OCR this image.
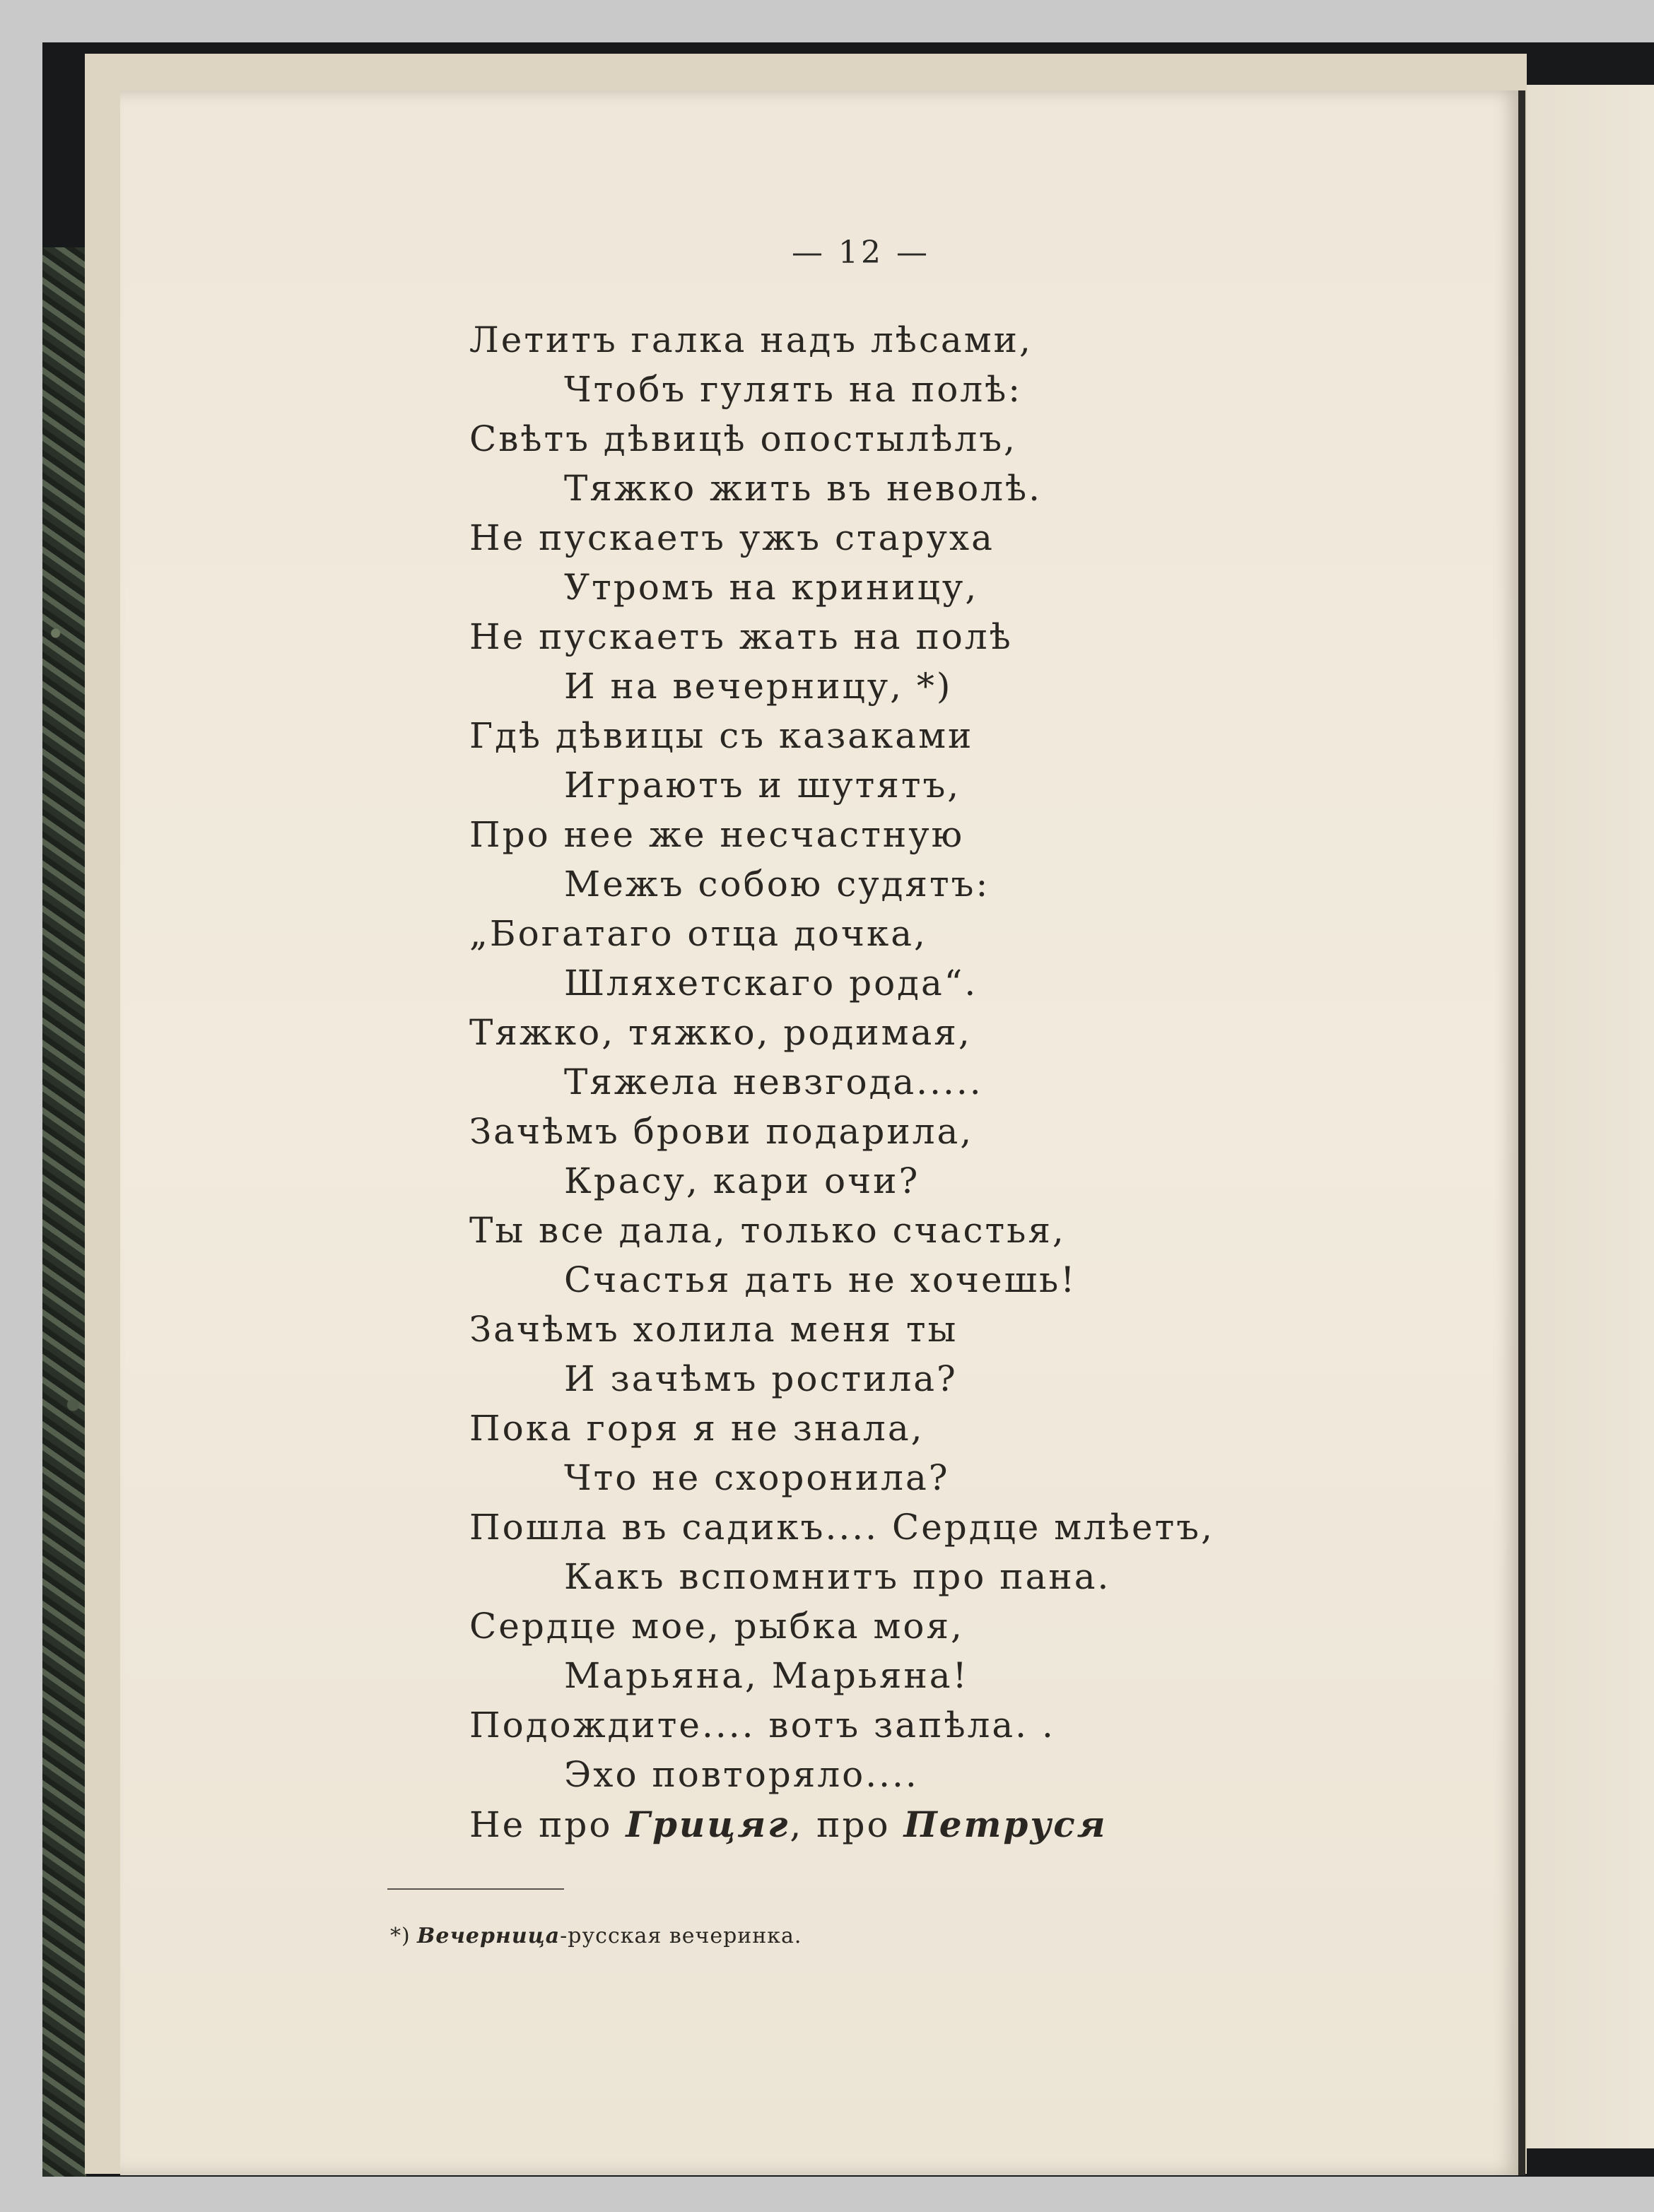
— 12 —
Летитъ галка надъ лѣсами,
Чтобъ гулять на полѣ:
Свѣтъ дѣвицѣ опостылѣлъ,
Тяжко жить въ неволѣ.
Не пускаетъ ужъ старуха
Утромъ на криницу,
Не пускаетъ жать на полѣ
И на вечерницу, *)
Гдѣ дѣвицы съ казаками
Играютъ и шутятъ,
Про нее же несчастную
Межъ собою судятъ:
„Богатаго отца дочка,
Шляхетскаго рода“.
Тяжко, тяжко, родимая,
Тяжела невзгода.....
Зачѣмъ брови подарила,
Красу, кари очи?
Ты все дала, только счастья,
Счастья дать не хочешь!
Зачѣмъ холила меня ты
И зачѣмъ ростила?
Пока горя я не знала,
Что не схоронила?
Пошла въ садикъ.... Сердце млѣетъ,
Какъ вспомнитъ про пана.
Сердце мое, рыбка моя,
Марьяна, Марьяна!
Подождите.... вотъ запѣла. .
Эхо повторяло....
Не про Грицяг, про Петруся
*) Вечерница-русская вечеринка.
